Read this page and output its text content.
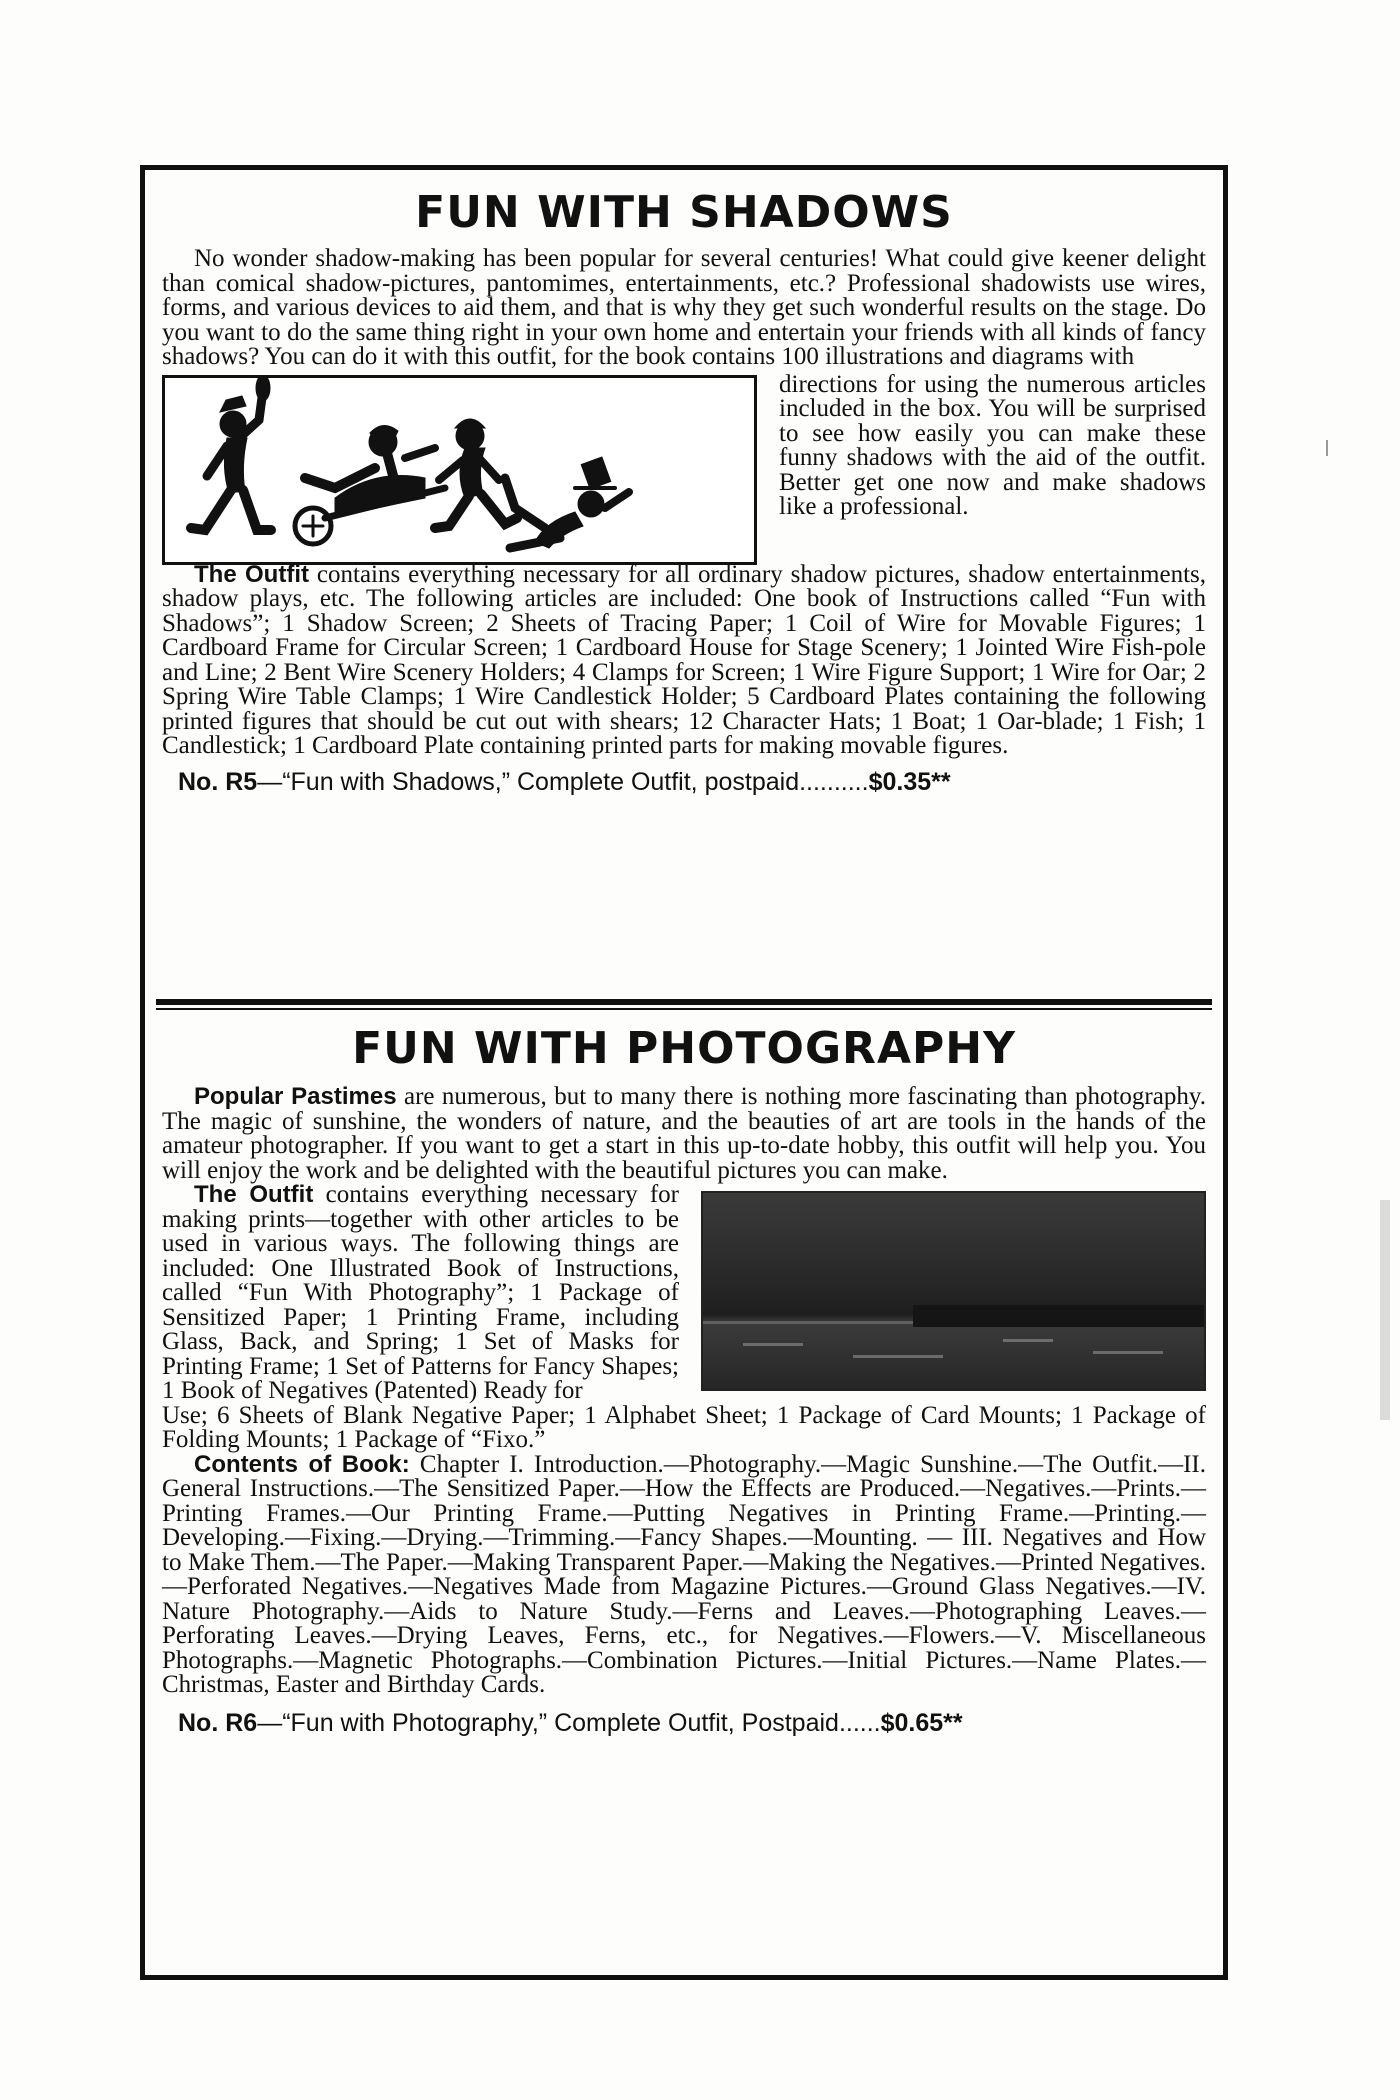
FUN WITH SHADOWS

No wonder shadow-making has been popular for several centuries! What could give keener delight than comical shadow-pictures, pantomimes, entertainments, etc.? Professional shadowists use wires, forms, and various devices to aid them, and that is why they get such wonderful results on the stage. Do you want to do the same thing right in your own home and entertain your friends with all kinds of fancy shadows? You can do it with this outfit, for the book contains 100 illustrations and diagrams with

directions for using the numerous articles included in the box. You will be surprised to see how easily you can make these funny shadows with the aid of the outfit. Better get one now and make shadows like a professional.

The Outfit contains everything necessary for all ordinary shadow pictures, shadow entertainments, shadow plays, etc. The following articles are included: One book of Instructions called “Fun with Shadows”; 1 Shadow Screen; 2 Sheets of Tracing Paper; 1 Coil of Wire for Movable Figures; 1 Cardboard Frame for Circular Screen; 1 Cardboard House for Stage Scenery; 1 Jointed Wire Fish-pole and Line; 2 Bent Wire Scenery Holders; 4 Clamps for Screen; 1 Wire Figure Support; 1 Wire for Oar; 2 Spring Wire Table Clamps; 1 Wire Candlestick Holder; 5 Cardboard Plates containing the following printed figures that should be cut out with shears; 12 Character Hats; 1 Boat; 1 Oar-blade; 1 Fish; 1 Candlestick; 1 Cardboard Plate containing printed parts for making movable figures.

No. R5—“Fun with Shadows,” Complete Outfit, postpaid..........$0.35**
FUN WITH PHOTOGRAPHY

Popular Pastimes are numerous, but to many there is nothing more fascinating than photography. The magic of sunshine, the wonders of nature, and the beauties of art are tools in the hands of the amateur photographer. If you want to get a start in this up-to-date hobby, this outfit will help you. You will enjoy the work and be delighted with the beautiful pictures you can make.

The Outfit contains everything necessary for making prints—together with other articles to be used in various ways. The following things are included: One Illustrated Book of Instructions, called “Fun With Photography”; 1 Package of Sensitized Paper; 1 Printing Frame, including Glass, Back, and Spring; 1 Set of Masks for Printing Frame; 1 Set of Patterns for Fancy Shapes; 1 Book of Negatives (Patented) Ready for

Use; 6 Sheets of Blank Negative Paper; 1 Alphabet Sheet; 1 Package of Card Mounts; 1 Package of Folding Mounts; 1 Package of “Fixo.”

Contents of Book: Chapter I. Introduction.—Photography.—Magic Sunshine.—The Outfit.—II. General Instructions.—The Sensitized Paper.—How the Effects are Produced.—Negatives.—Prints.—Printing Frames.—Our Printing Frame.—Putting Negatives in Printing Frame.—Printing.—Developing.—Fixing.—Drying.—Trimming.—Fancy Shapes.—Mounting. — III. Negatives and How to Make Them.—The Paper.—Making Transparent Paper.—Making the Negatives.—Printed Negatives.—Perforated Negatives.—Negatives Made from Magazine Pictures.—Ground Glass Negatives.—IV. Nature Photography.—Aids to Nature Study.—Ferns and Leaves.—Photographing Leaves.—Perforating Leaves.—Drying Leaves, Ferns, etc., for Negatives.—Flowers.—V. Miscellaneous Photographs.—Magnetic Photographs.—Combination Pictures.—Initial Pictures.—Name Plates.—Christmas, Easter and Birthday Cards.

No. R6—“Fun with Photography,” Complete Outfit, Postpaid......$0.65**
